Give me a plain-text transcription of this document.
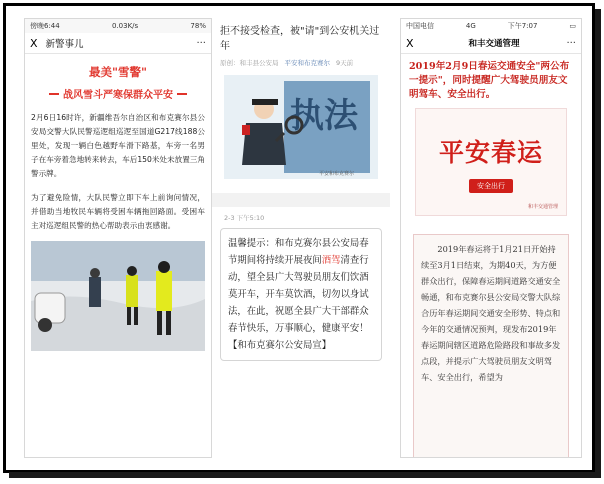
傍晚6:44	0.03K/s	78%
X 新警事儿	···
最美"雪警"
战风雪斗严寒保群众平安
2月6日16时许，新疆维吾尔自治区和布克赛尔县公安局交警大队民警巡逻组巡逻至国道G217线188公里处，发现一辆白色越野车滑下路基，车旁一名男子在车旁着急地转来转去，车后150米处未放置三角警示牌。
为了避免险情，大队民警立即下车上前询问情况，并借助当地牧民车辆将受困车辆拖回路面。受困车主对巡逻组民警的热心帮助表示由衷感谢。
拒不接受检查，被"请"到公安机关过年
原创：和丰县公安局 平安和布克赛尔 9天前
执法
平安和布克赛尔
2-3 下午5:10
温馨提示：和布克赛尔县公安局春节期间将持续开展夜间酒驾清查行动，望全县广大驾驶员朋友们饮酒莫开车，开车莫饮酒，切勿以身试法，在此，祝愿全县广大干部群众春节快乐，万事顺心，健康平安！【和布克赛尔公安局宣】
中国电信	4G	下午7:07	▭
X	和丰交通管理	···
2019年2月9日春运交通安全"两公布一提示"，同时提醒广大驾驶员朋友文明驾车、安全出行。
平安春运
安全出行
和丰交通管理
2019年春运将于1月21日开始持续至3月1日结束，为期40天，为方便群众出行，保障春运期间道路交通安全畅通，和布克赛尔县公安局交警大队综合历年春运期间交通安全形势、特点和今年的交通情况预判，现发布2019年春运期间辖区道路危险路段和事故多发点段，并提示广大驾驶员朋友文明驾车、安全出行，希望为
